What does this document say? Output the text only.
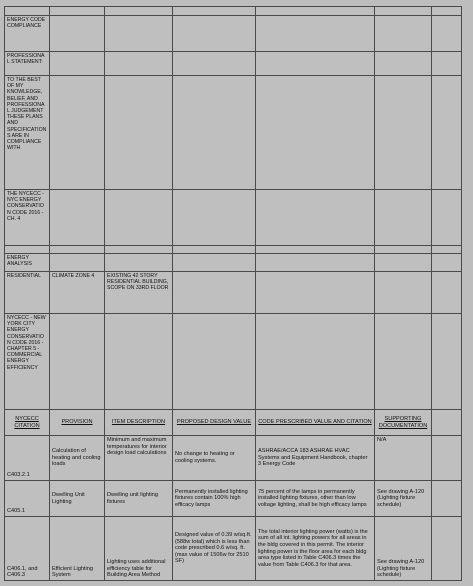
ENERGY CODE COMPLIANCE						
PROFESSIONAL STATEMENT:						
TO THE BEST OF MY KNOWLEDGE, BELIEF, AND PROFESSIONAL JUDGEMENT THESE PLANS AND SPECIFICATIONS ARE IN COMPLIANCE WITH						
THE NYCECC - NYC ENERGY CONSERVATION CODE 2016 - CH. 4						

ENERGY ANALYSIS						
RESIDENTIAL	CLIMATE ZONE 4	EXISTING 42 STORY RESIDENTIAL BUILDING, SCOPE ON 33RD FLOOR				
NYCECC - NEW YORK CITY ENERGY CONSERVATION CODE 2016 - CHAPTER 5 - COMMERCIAL ENERGY EFFICIENCY						
NYCECC CITATION	PROVISION	ITEM DESCRIPTION	PROPOSED DESIGN VALUE	CODE PRESCRIBED VALUE AND CITATION	SUPPORTING DOCUMENTATION	
C403.2.1	Calculation of heating and cooling loads	Minimum and maximum temperatures for interior design load calculations	No change to heating or cooling systems.	ASHRAE/ACCA 183 ASHRAE HVAC Systems and Equipment Handbook, chapter 3 Energy Code	N/A	
C405.1	Dwelling Unit Lighting	Dwelling unit lighting fixtures	Permanently installed lighting fixtures contain 100% high efficacy lamps	75 percent of the lamps in permanently installed lighting fixtures, other than low voltage lighting, shall be high efficacy lamps	See drawing A-120 (Lighting fixture schedule)	
C406.1, and C406.3	Efficient Lighting System	Lighting uses additional efficiency table for Building Area Method	Designed value of 0.39 w/sq.ft. (588w total) which is less than code prescribed 0.6 w/sq. ft. (max value of 1506w for 2510 SF)	The total interior lighting power (watts) is the sum of all int. lighting powers for all areas in the bldg covered in this permit. The interior lighting power is the floor area for each bldg area type listed in Table C406.3 times the value from Table C406.3 for that area.	See drawing A-120 (Lighting fixture schedule)	
